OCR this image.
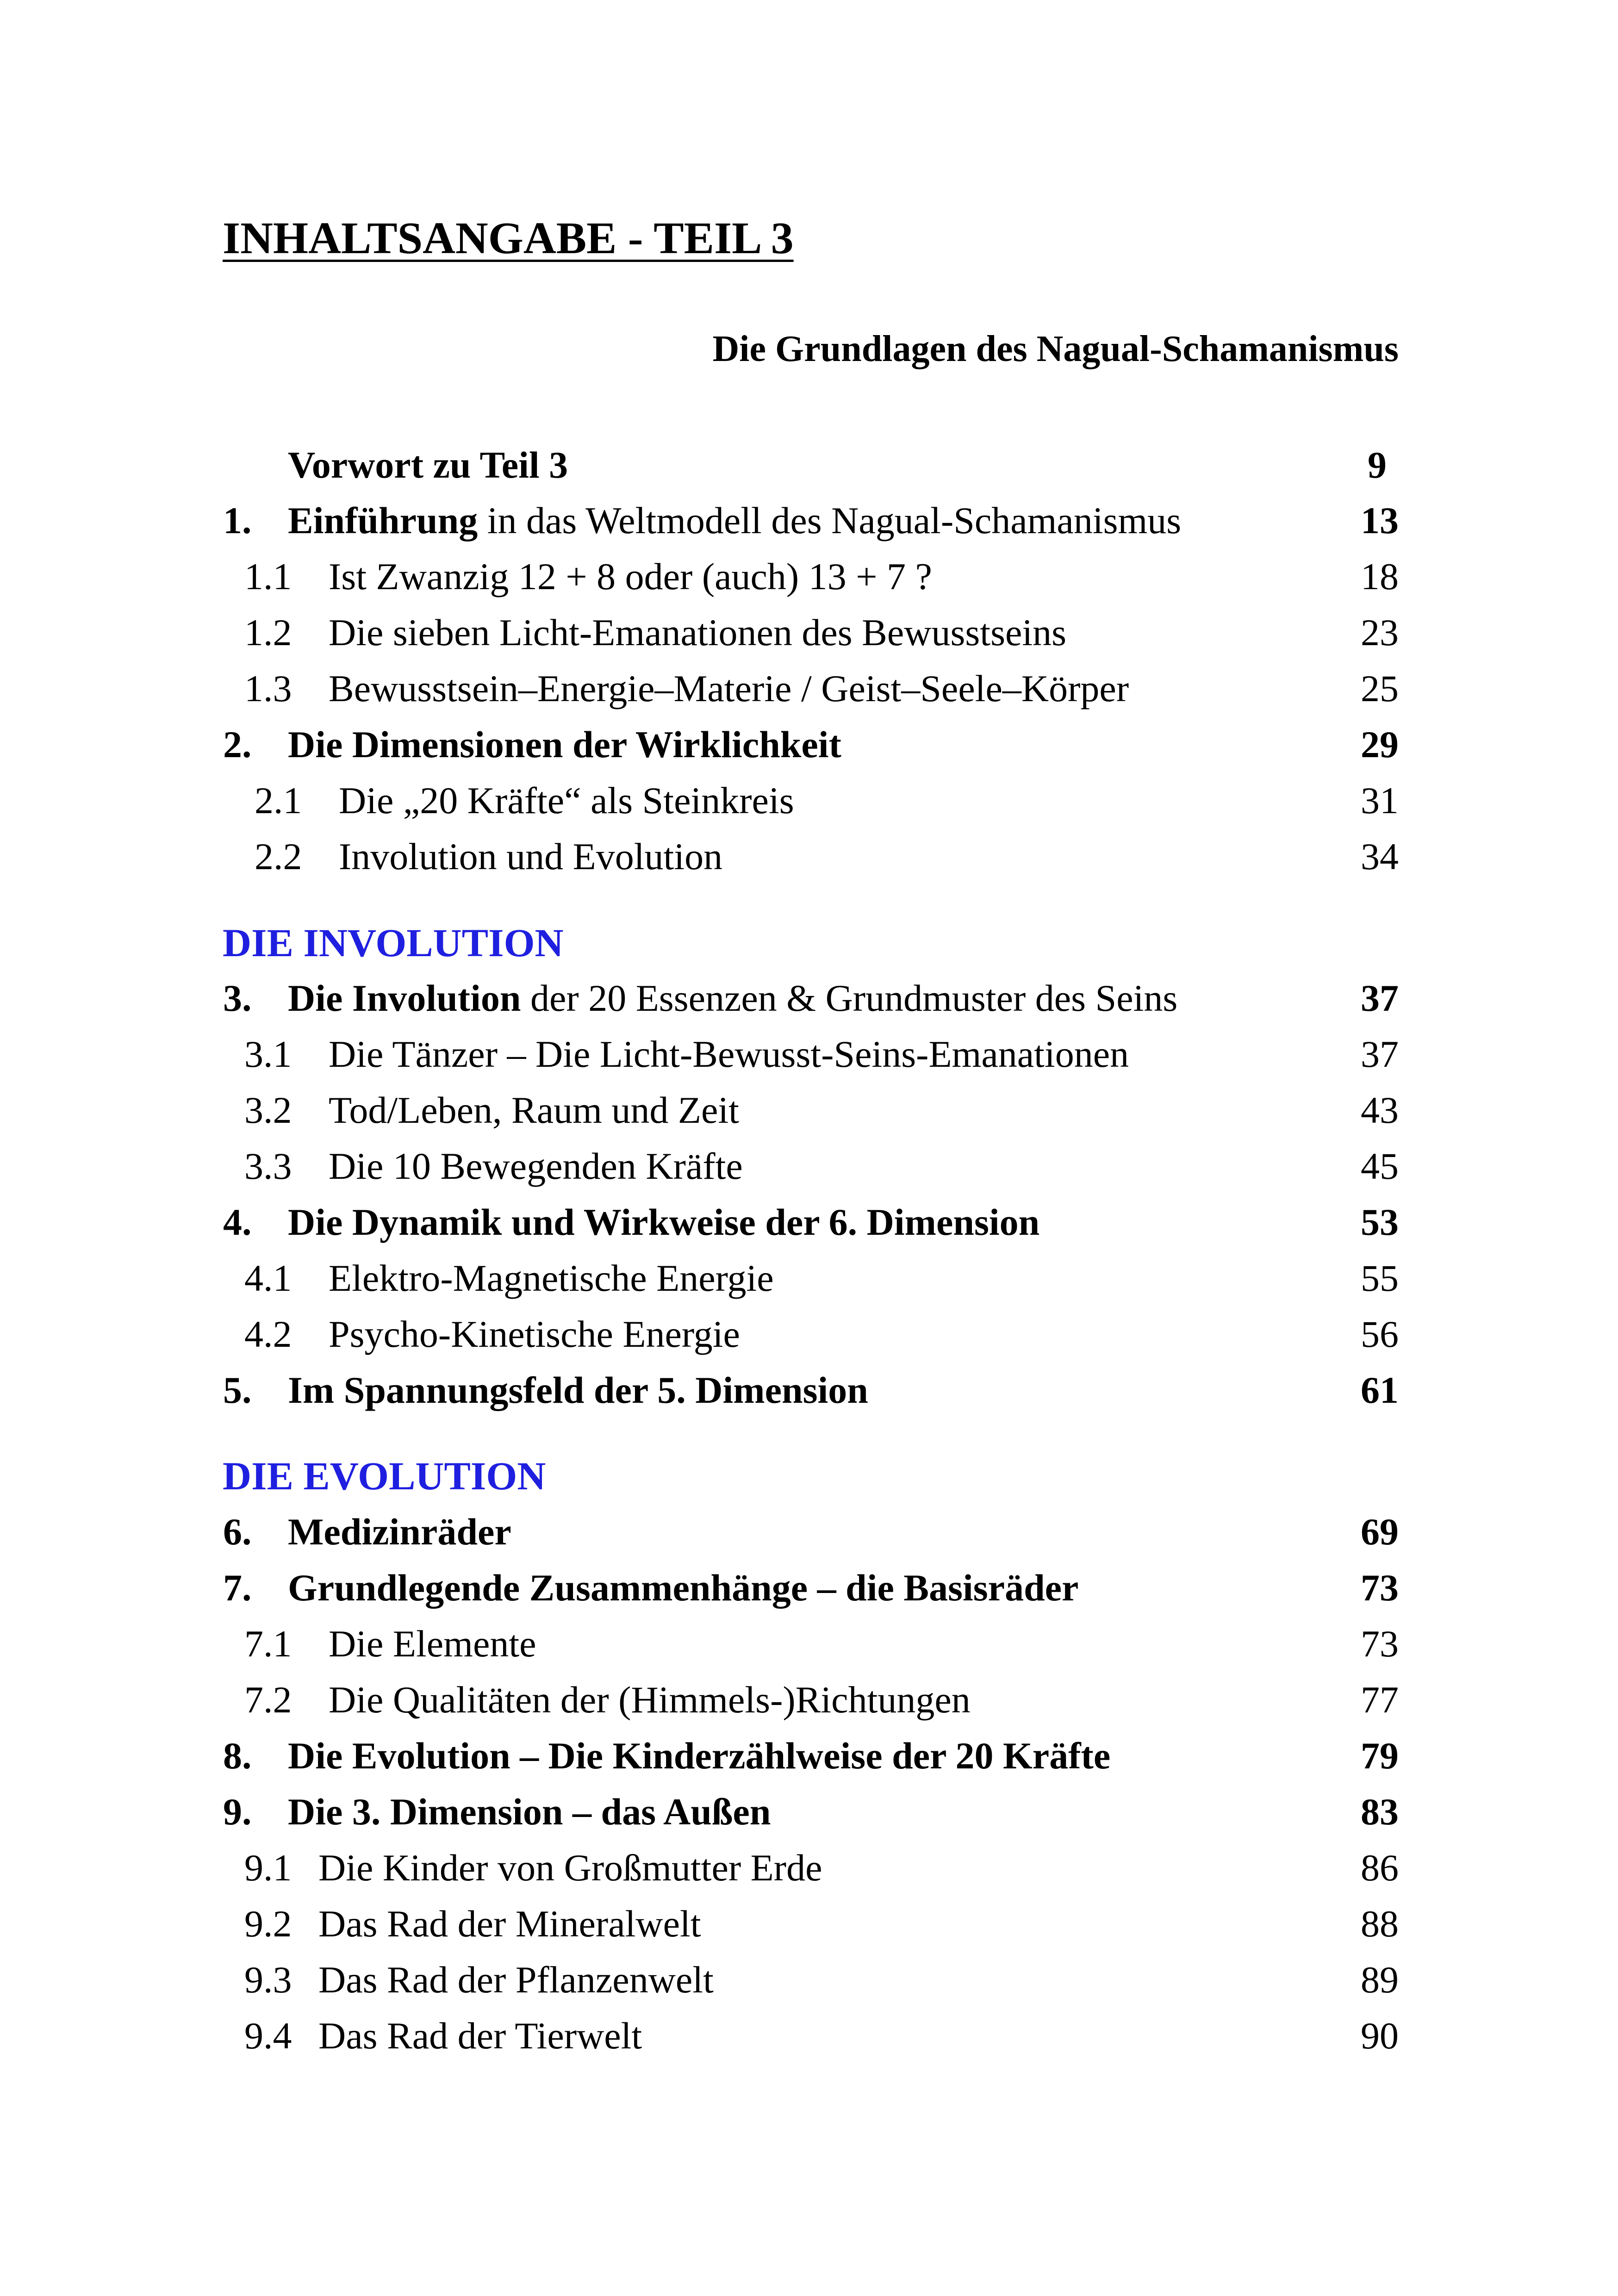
INHALTSANGABE - TEIL 3
Die Grundlagen des Nagual-Schamanismus
Vorwort zu Teil 3	9
1. Einführung in das Weltmodell des Nagual-Schamanismus	13
1.1 Ist Zwanzig 12 + 8 oder (auch) 13 + 7 ?	18
1.2 Die sieben Licht-Emanationen des Bewusstseins	23
1.3 Bewusstsein–Energie–Materie / Geist–Seele–Körper	25
2. Die Dimensionen der Wirklichkeit	29
2.1 Die „20 Kräfte“ als Steinkreis	31
2.2 Involution und Evolution	34
DIE INVOLUTION
3. Die Involution der 20 Essenzen & Grundmuster des Seins	37
3.1 Die Tänzer – Die Licht-Bewusst-Seins-Emanationen	37
3.2 Tod/Leben, Raum und Zeit	43
3.3 Die 10 Bewegenden Kräfte	45
4. Die Dynamik und Wirkweise der 6. Dimension	53
4.1 Elektro-Magnetische Energie	55
4.2 Psycho-Kinetische Energie	56
5. Im Spannungsfeld der 5. Dimension	61
DIE EVOLUTION
6. Medizinräder	69
7. Grundlegende Zusammenhänge – die Basisräder	73
7.1 Die Elemente	73
7.2 Die Qualitäten der (Himmels-)Richtungen	77
8. Die Evolution – Die Kinderzählweise der 20 Kräfte	79
9. Die 3. Dimension – das Außen	83
9.1 Die Kinder von Großmutter Erde	86
9.2 Das Rad der Mineralwelt	88
9.3 Das Rad der Pflanzenwelt	89
9.4 Das Rad der Tierwelt	90
